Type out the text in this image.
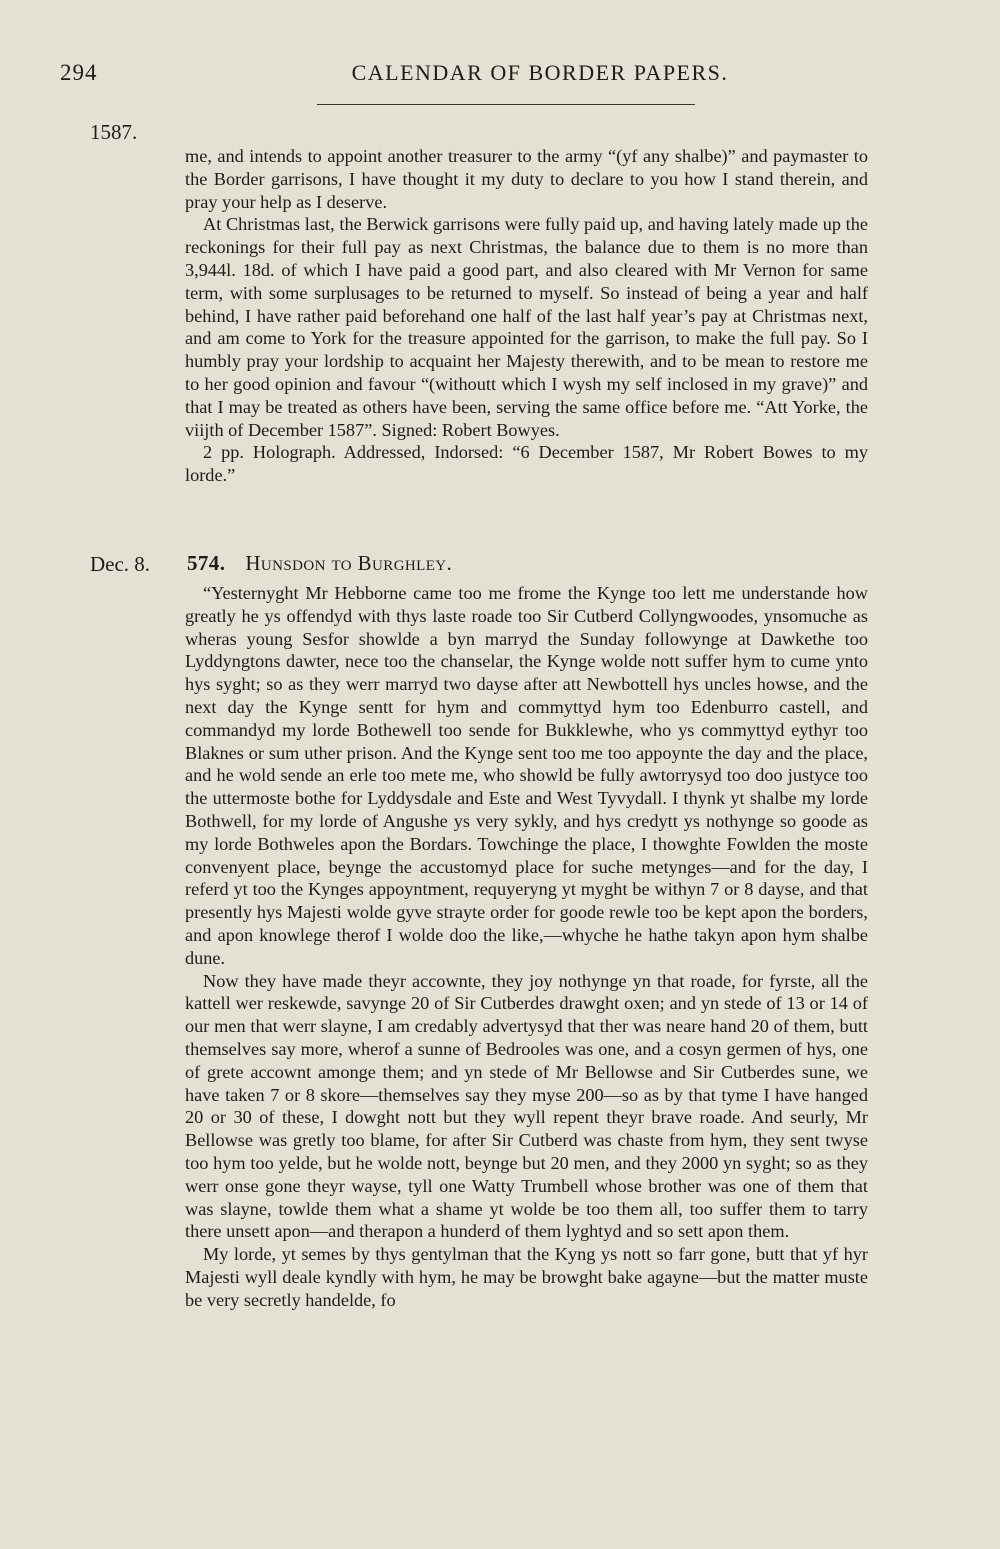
294	CALENDAR OF BORDER PAPERS.
1587.

me, and intends to appoint another treasurer to the army “(yf any shalbe)” and paymaster to the Border garrisons, I have thought it my duty to declare to you how I stand therein, and pray your help as I deserve.

At Christmas last, the Berwick garrisons were fully paid up, and having lately made up the reckonings for their full pay as next Christmas, the balance due to them is no more than 3,944l. 18d. of which I have paid a good part, and also cleared with Mr Vernon for same term, with some surplusages to be returned to myself. So instead of being a year and half behind, I have rather paid beforehand one half of the last half year’s pay at Christmas next, and am come to York for the treasure appointed for the garrison, to make the full pay. So I humbly pray your lordship to acquaint her Majesty therewith, and to be mean to restore me to her good opinion and favour “(withoutt which I wysh my self inclosed in my grave)” and that I may be treated as others have been, serving the same office before me. “Att Yorke, the viijth of December 1587”. Signed: Robert Bowyes.

2 pp. Holograph. Addressed, Indorsed: “6 December 1587, Mr Robert Bowes to my lorde.”

Dec. 8. 574. Hunsdon to Burghley.

“Yesternyght Mr Hebborne came too me frome the Kynge too lett me understande how greatly he ys offendyd with thys laste roade too Sir Cutberd Collyngwoodes, ynsomuche as wheras young Sesfor showlde a byn marryd the Sunday followynge at Dawkethe too Lyddyngtons dawter, nece too the chanselar, the Kynge wolde nott suffer hym to cume ynto hys syght; so as they werr marryd two dayse after att Newbottell hys uncles howse, and the next day the Kynge sentt for hym and commyttyd hym too Edenburro castell, and commandyd my lorde Bothewell too sende for Bukklewhe, who ys commyttyd eythyr too Blaknes or sum uther prison. And the Kynge sent too me too appoynte the day and the place, and he wold sende an erle too mete me, who showld be fully awtorrysyd too doo justyce too the uttermoste bothe for Lyddysdale and Este and West Tyvydall. I thynk yt shalbe my lorde Bothwell, for my lorde of Angushe ys very sykly, and hys credytt ys nothynge so goode as my lorde Bothweles apon the Bordars. Towchinge the place, I thowghte Fowlden the moste convenyent place, beynge the accustomyd place for suche metynges—and for the day, I referd yt too the Kynges appoyntment, requyeryng yt myght be withyn 7 or 8 dayse, and that presently hys Majesti wolde gyve strayte order for goode rewle too be kept apon the borders, and apon knowlege therof I wolde doo the like,—whyche he hathe takyn apon hym shalbe dune.

Now they have made theyr accownte, they joy nothynge yn that roade, for fyrste, all the kattell wer reskewde, savynge 20 of Sir Cutberdes drawght oxen; and yn stede of 13 or 14 of our men that werr slayne, I am credably advertysyd that ther was neare hand 20 of them, butt themselves say more, wherof a sunne of Bedrooles was one, and a cosyn germen of hys, one of grete accownt amonge them; and yn stede of Mr Bellowse and Sir Cutberdes sune, we have taken 7 or 8 skore—themselves say they myse 200—so as by that tyme I have hanged 20 or 30 of these, I dowght nott but they wyll repent theyr brave roade. And seurly, Mr Bellowse was gretly too blame, for after Sir Cutberd was chaste from hym, they sent twyse too hym too yelde, but he wolde nott, beynge but 20 men, and they 2000 yn syght; so as they werr onse gone theyr wayse, tyll one Watty Trumbell whose brother was one of them that was slayne, towlde them what a shame yt wolde be too them all, too suffer them to tarry there unsett apon—and therapon a hunderd of them lyghtyd and so sett apon them.

My lorde, yt semes by thys gentylman that the Kyng ys nott so farr gone, butt that yf hyr Majesti wyll deale kyndly with hym, he may be browght bake agayne—but the matter muste be very secretly handelde, fo
